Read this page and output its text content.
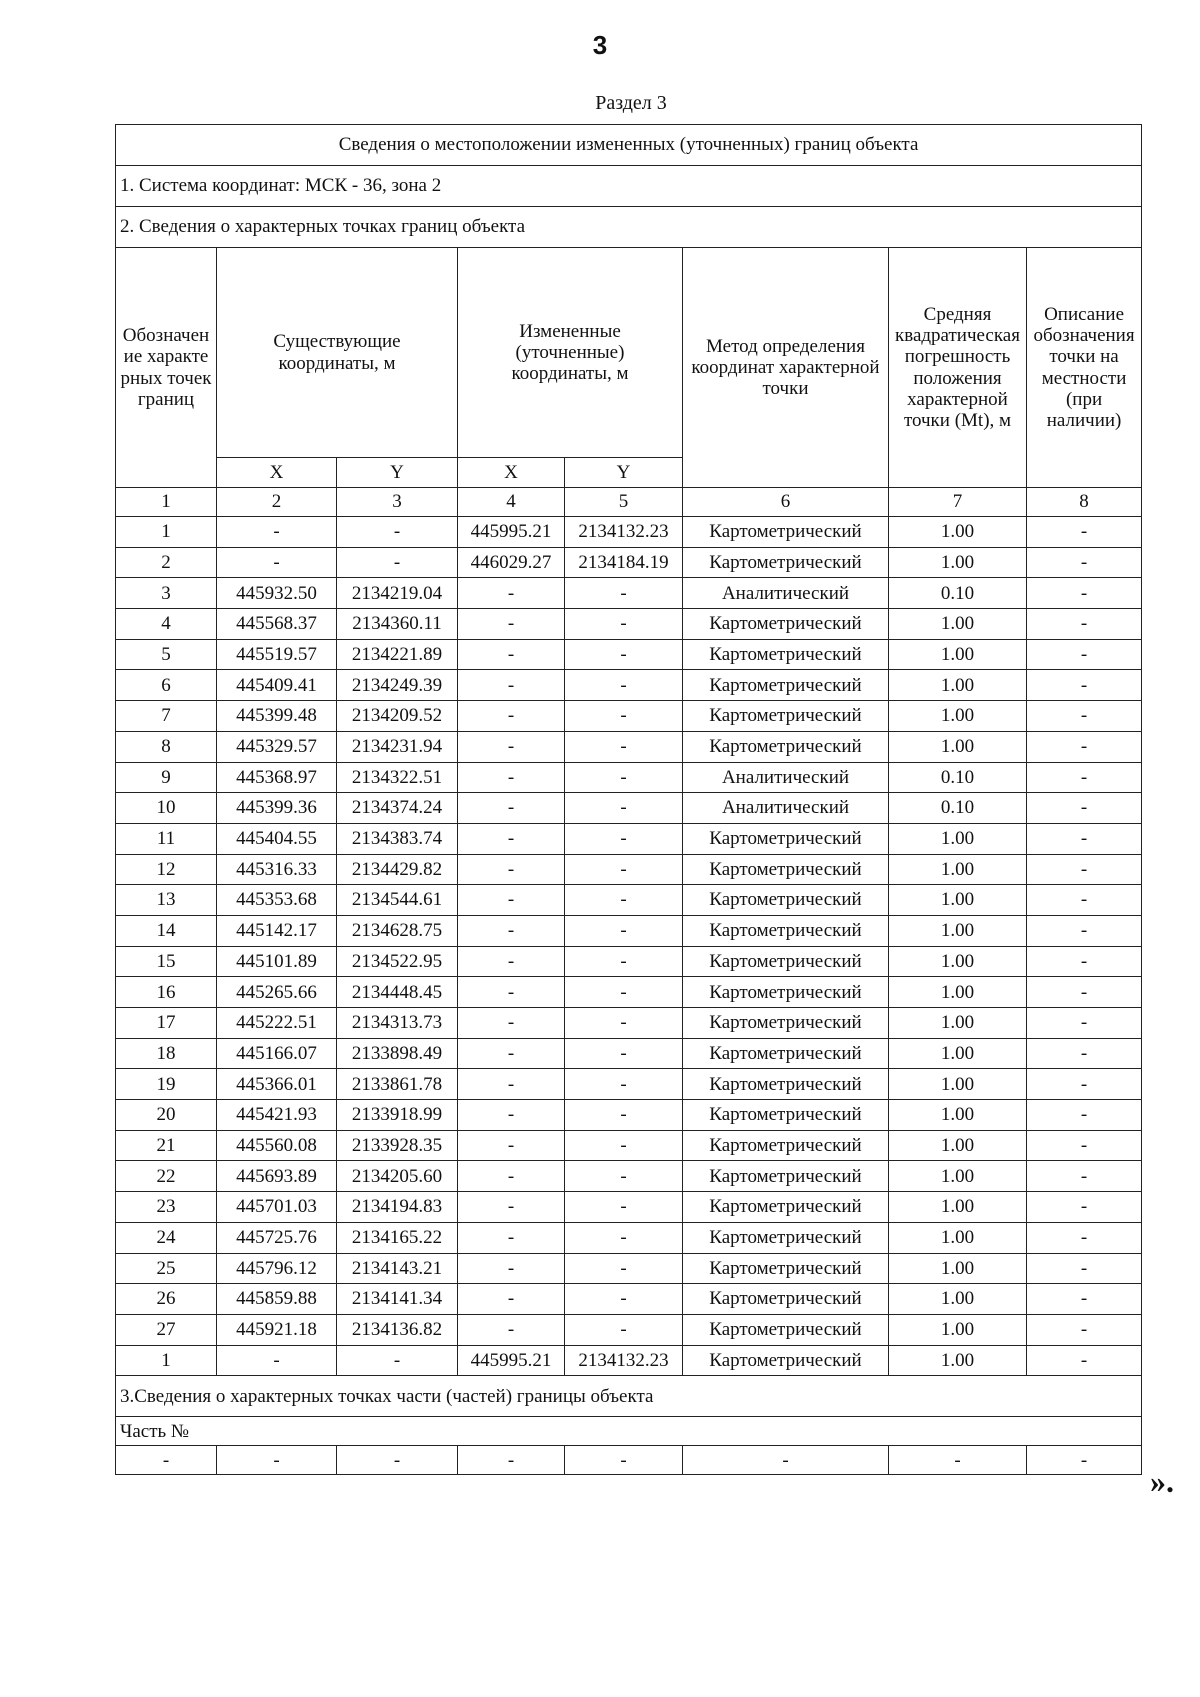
3
Раздел 3
Сведения о местоположении измененных (уточненных) границ объекта							
1. Система координат: МСК - 36, зона 2							
2. Сведения о характерных точках границ объекта							
Обозначение характерных точек границ	Существующие координаты, м		Измененные (уточненные) координаты, м		Метод определения координат характерной точки	Средняя квадратическая погрешность положения характерной точки (Mt), м	Описание обозначения точки на местности (при наличии)
	X	Y	X	Y			
1	2	3	4	5	6	7	8
1	-	-	445995.21	2134132.23	Картометрический	1.00	-
2	-	-	446029.27	2134184.19	Картометрический	1.00	-
3	445932.50	2134219.04	-	-	Аналитический	0.10	-
4	445568.37	2134360.11	-	-	Картометрический	1.00	-
5	445519.57	2134221.89	-	-	Картометрический	1.00	-
6	445409.41	2134249.39	-	-	Картометрический	1.00	-
7	445399.48	2134209.52	-	-	Картометрический	1.00	-
8	445329.57	2134231.94	-	-	Картометрический	1.00	-
9	445368.97	2134322.51	-	-	Аналитический	0.10	-
10	445399.36	2134374.24	-	-	Аналитический	0.10	-
11	445404.55	2134383.74	-	-	Картометрический	1.00	-
12	445316.33	2134429.82	-	-	Картометрический	1.00	-
13	445353.68	2134544.61	-	-	Картометрический	1.00	-
14	445142.17	2134628.75	-	-	Картометрический	1.00	-
15	445101.89	2134522.95	-	-	Картометрический	1.00	-
16	445265.66	2134448.45	-	-	Картометрический	1.00	-
17	445222.51	2134313.73	-	-	Картометрический	1.00	-
18	445166.07	2133898.49	-	-	Картометрический	1.00	-
19	445366.01	2133861.78	-	-	Картометрический	1.00	-
20	445421.93	2133918.99	-	-	Картометрический	1.00	-
21	445560.08	2133928.35	-	-	Картометрический	1.00	-
22	445693.89	2134205.60	-	-	Картометрический	1.00	-
23	445701.03	2134194.83	-	-	Картометрический	1.00	-
24	445725.76	2134165.22	-	-	Картометрический	1.00	-
25	445796.12	2134143.21	-	-	Картометрический	1.00	-
26	445859.88	2134141.34	-	-	Картометрический	1.00	-
27	445921.18	2134136.82	-	-	Картометрический	1.00	-
1	-	-	445995.21	2134132.23	Картометрический	1.00	-
3.Сведения о характерных точках части (частей) границы объекта							
Часть №							
-	-	-	-	-	-	-	-
».
